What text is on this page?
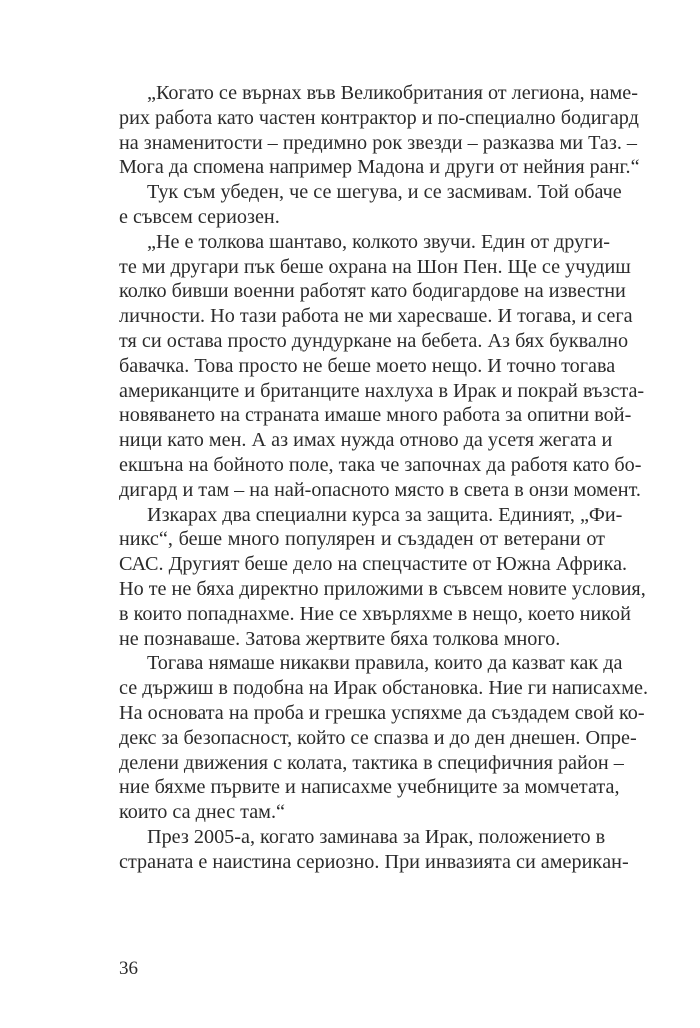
„Когато се върнах във Великобритания от легиона, наме-
рих работа като частен контрактор и по-специално бодигард
на знаменитости – предимно рок звезди – разказва ми Таз. –
Мога да спомена например Мадона и други от нейния ранг.“
Тук съм убеден, че се шегува, и се засмивам. Той обаче
е съвсем сериозен.
„Не е толкова шантаво, колкото звучи. Един от други-
те ми другари пък беше охрана на Шон Пен. Ще се учудиш
колко бивши военни работят като бодигардове на известни
личности. Но тази работа не ми харесваше. И тогава, и сега
тя си остава просто дундуркане на бебета. Аз бях буквално
бавачка. Това просто не беше моето нещо. И точно тогава
американците и британците нахлуха в Ирак и покрай възста-
новяването на страната имаше много работа за опитни вой-
ници като мен. А аз имах нужда отново да усетя жегата и
екшъна на бойното поле, така че започнах да работя като бо-
дигард и там – на най-опасното място в света в онзи момент.
Изкарах два специални курса за защита. Единият, „Фи-
никс“, беше много популярен и създаден от ветерани от
САС. Другият беше дело на спецчастите от Южна Африка.
Но те не бяха директно приложими в съвсем новите условия,
в които попаднахме. Ние се хвърляхме в нещо, което никой
не познаваше. Затова жертвите бяха толкова много.
Тогава нямаше никакви правила, които да казват как да
се държиш в подобна на Ирак обстановка. Ние ги написахме.
На основата на проба и грешка успяхме да създадем свой ко-
декс за безопасност, който се спазва и до ден днешен. Опре-
делени движения с колата, тактика в специфичния район –
ние бяхме първите и написахме учебниците за момчетата,
които са днес там.“
През 2005-а, когато заминава за Ирак, положението в
страната е наистина сериозно. При инвазията си америкaн-
36
